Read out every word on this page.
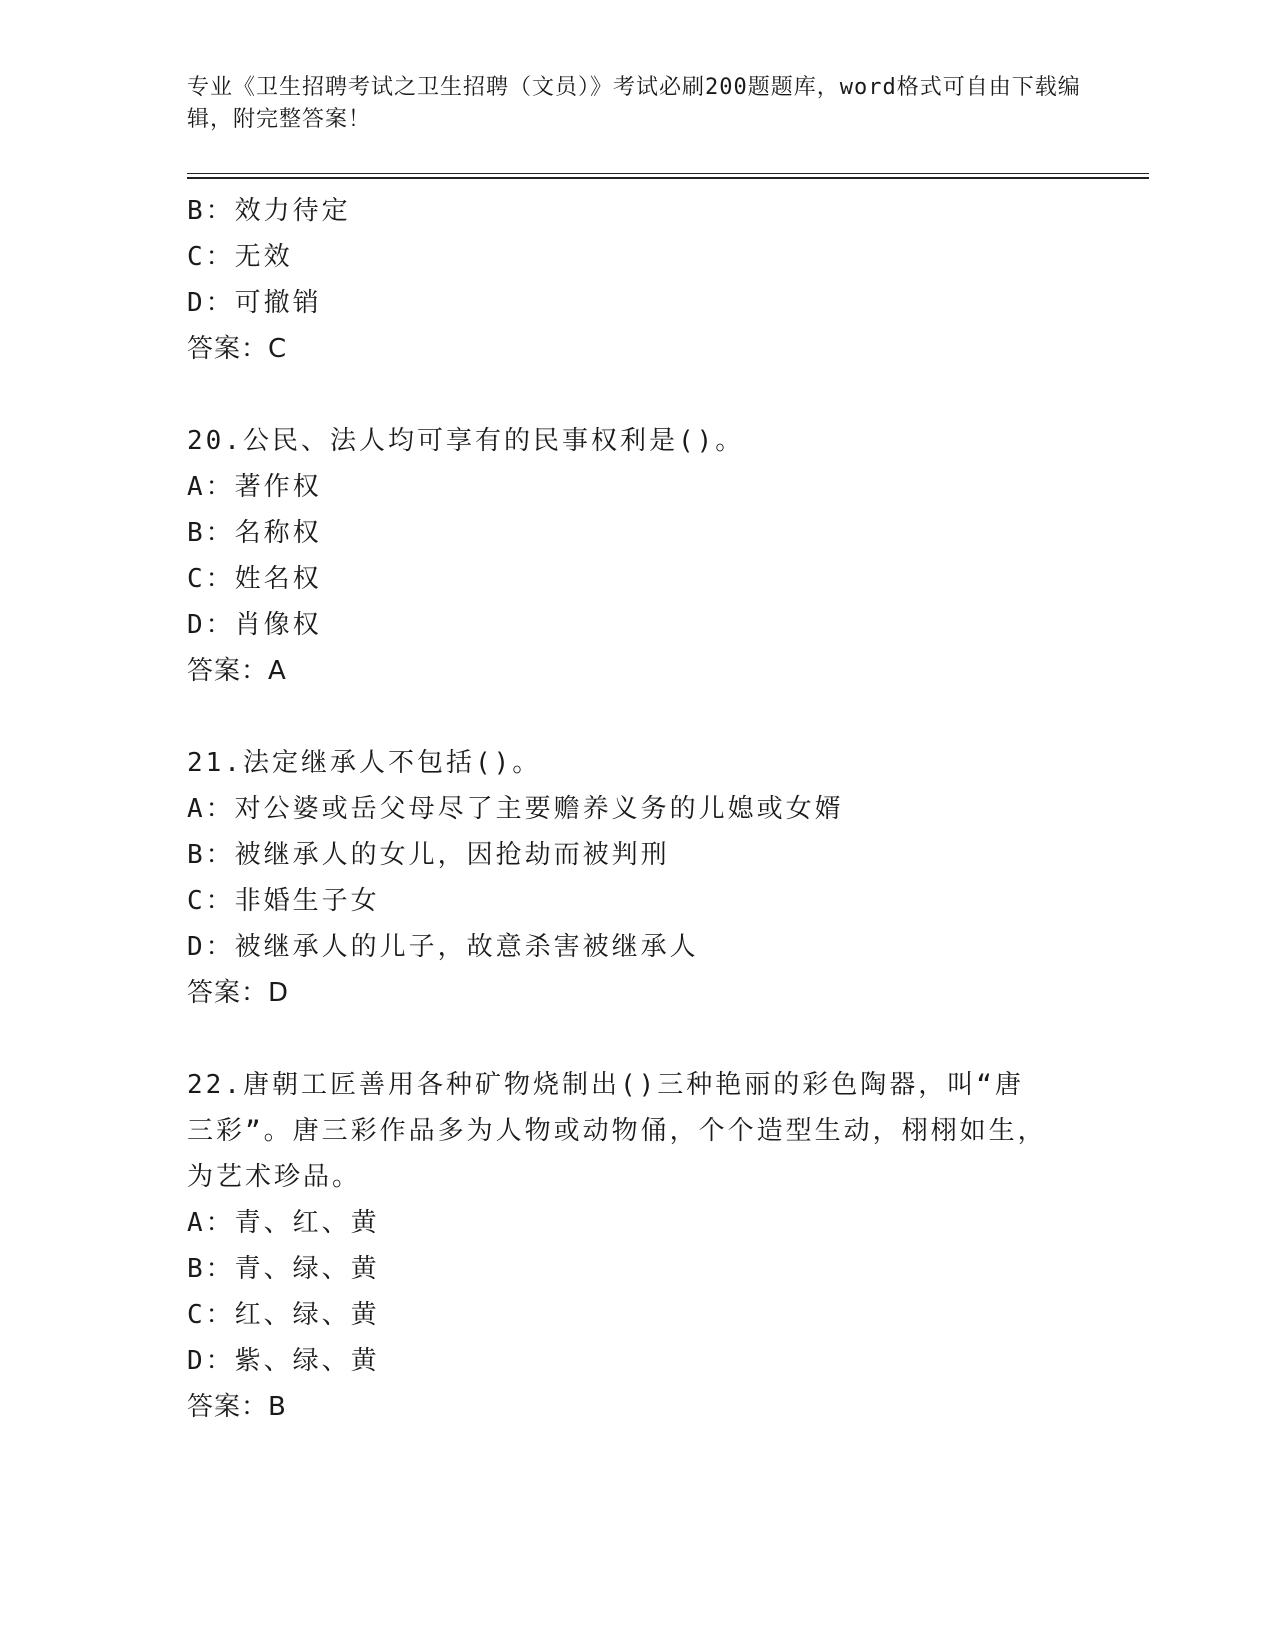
专业《卫生招聘考试之卫生招聘（文员）》考试必刷200题题库，word格式可自由下载编辑，附完整答案！
B：效力待定
C：无效
D：可撤销
答案：C
20.公民、法人均可享有的民事权利是()。
A：著作权
B：名称权
C：姓名权
D：肖像权
答案：A
21.法定继承人不包括()。
A：对公婆或岳父母尽了主要赡养义务的儿媳或女婿
B：被继承人的女儿，因抢劫而被判刑
C：非婚生子女
D：被继承人的儿子，故意杀害被继承人
答案：D
22.唐朝工匠善用各种矿物烧制出()三种艳丽的彩色陶器，叫“唐三彩”。唐三彩作品多为人物或动物俑，个个造型生动，栩栩如生，为艺术珍品。
A：青、红、黄
B：青、绿、黄
C：红、绿、黄
D：紫、绿、黄
答案：B
